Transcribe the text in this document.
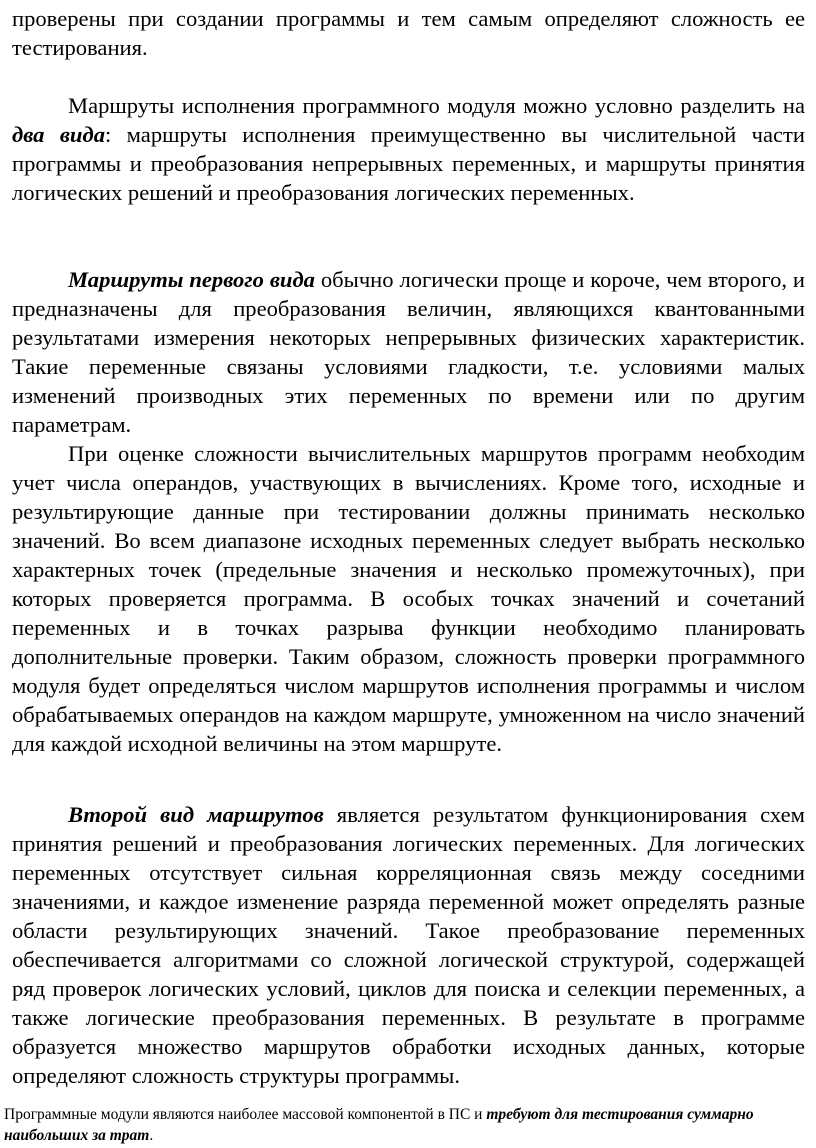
проверены при создании программы и тем самым определяют сложность ее тестирования.

Маршруты исполнения программного модуля можно условно разделить на два вида: маршруты исполнения преимущественно вы числительной части программы и преобразования непрерывных переменных, и маршруты принятия логических решений и преобразования логических переменных.

Маршруты первого вида обычно логически проще и короче, чем второго, и предназначены для преобразования величин, являющихся квантованными результатами измерения некоторых непрерывных физических характеристик. Такие переменные связаны условиями гладкости, т.е. условиями малых изменений производных этих переменных по времени или по другим параметрам.

При оценке сложности вычислительных маршрутов программ необходим учет числа операндов, участвующих в вычислениях. Кроме того, исходные и результирующие данные при тестировании должны принимать несколько значений. Во всем диапазоне исходных переменных следует выбрать несколько характерных точек (предельные значения и несколько промежуточных), при которых проверяется программа. В особых точках значений и сочетаний переменных и в точках разрыва функции необходимо планировать дополнительные проверки. Таким образом, сложность проверки программного модуля будет определяться числом маршрутов исполнения программы и числом обрабатываемых операндов на каждом маршруте, умноженном на число значений для каждой исходной величины на этом маршруте.

Второй вид маршрутов является результатом функционирования схем принятия решений и преобразования логических переменных. Для логических переменных отсутствует сильная корреляционная связь между соседними значениями, и каждое изменение разряда переменной может определять разные области результирующих значений. Такое преобразование переменных обеспечивается алгоритмами со сложной логической структурой, содержащей ряд проверок логических условий, циклов для поиска и селекции переменных, а также логические преобразования переменных. В результате в программе образуется множество маршрутов обработки исходных данных, которые определяют сложность структуры программы.

Программные модули являются наиболее массовой компонентой в ПС и требуют для тестирования суммарно наибольших за трат.
